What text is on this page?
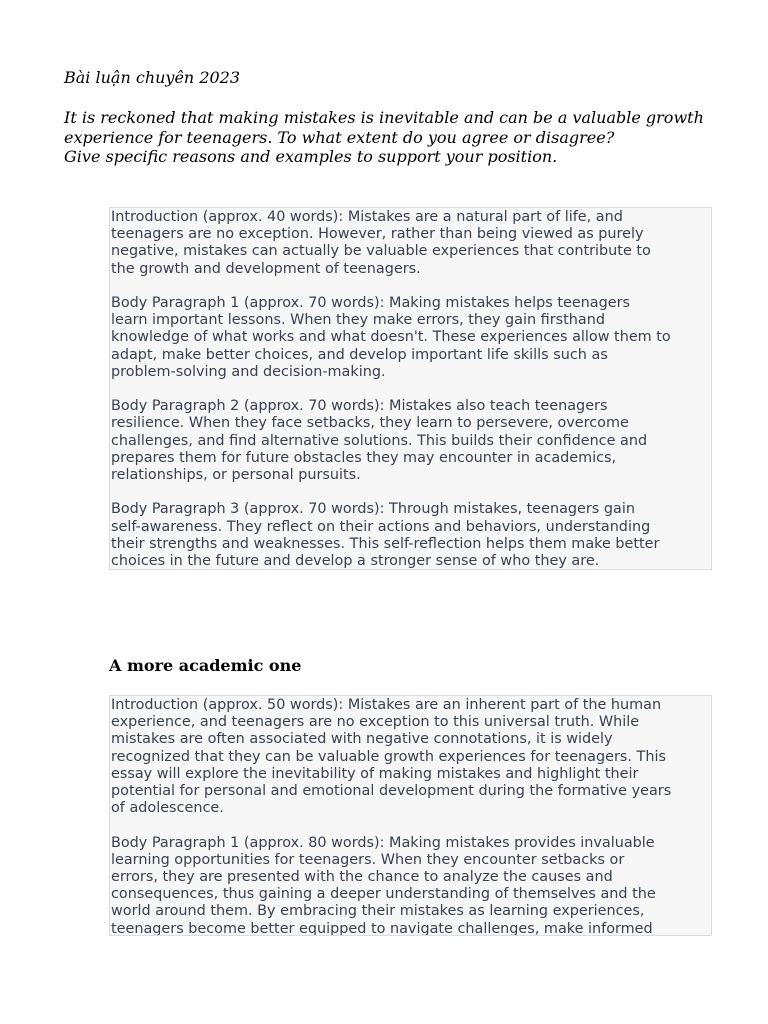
Bài luận chuyên 2023
It is reckoned that making mistakes is inevitable and can be a valuable growth
experience for teenagers. To what extent do you agree or disagree?
Give specific reasons and examples to support your position.

Introduction (approx. 40 words): Mistakes are a natural part of life, and
teenagers are no exception. However, rather than being viewed as purely
negative, mistakes can actually be valuable experiences that contribute to
the growth and development of teenagers.

Body Paragraph 1 (approx. 70 words): Making mistakes helps teenagers
learn important lessons. When they make errors, they gain firsthand
knowledge of what works and what doesn't. These experiences allow them to
adapt, make better choices, and develop important life skills such as
problem-solving and decision-making.

Body Paragraph 2 (approx. 70 words): Mistakes also teach teenagers
resilience. When they face setbacks, they learn to persevere, overcome
challenges, and find alternative solutions. This builds their confidence and
prepares them for future obstacles they may encounter in academics,
relationships, or personal pursuits.

Body Paragraph 3 (approx. 70 words): Through mistakes, teenagers gain
self-awareness. They reflect on their actions and behaviors, understanding
their strengths and weaknesses. This self-reflection helps them make better
choices in the future and develop a stronger sense of who they are.

A more academic one

Introduction (approx. 50 words): Mistakes are an inherent part of the human
experience, and teenagers are no exception to this universal truth. While
mistakes are often associated with negative connotations, it is widely
recognized that they can be valuable growth experiences for teenagers. This
essay will explore the inevitability of making mistakes and highlight their
potential for personal and emotional development during the formative years
of adolescence.

Body Paragraph 1 (approx. 80 words): Making mistakes provides invaluable
learning opportunities for teenagers. When they encounter setbacks or
errors, they are presented with the chance to analyze the causes and
consequences, thus gaining a deeper understanding of themselves and the
world around them. By embracing their mistakes as learning experiences,
teenagers become better equipped to navigate challenges, make informed
